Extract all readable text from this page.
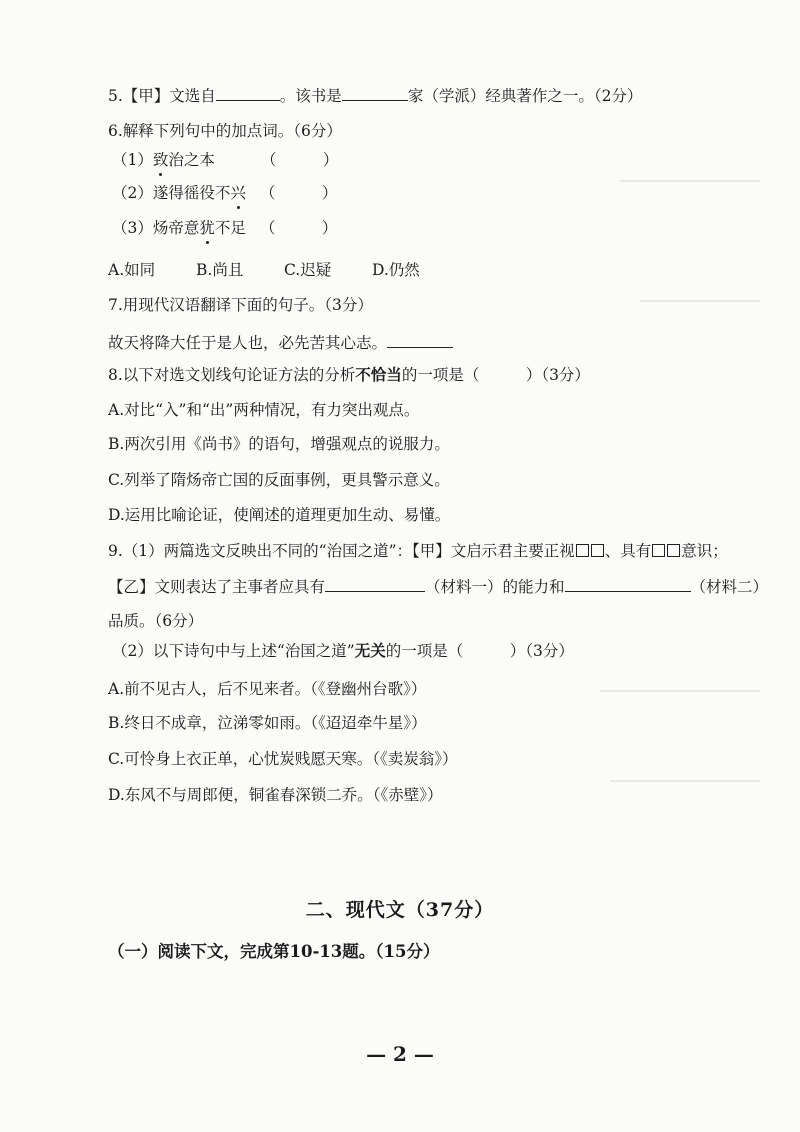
5.【甲】文选自	。该书是	家（学派）经典著作之一。（2分）
6.解释下列句中的加点词。（6分）
（1）致治之本	（　　　）
（2）遂得徭役不兴 （　　　）
（3）炀帝意犹不足 （　　　）
A.如同	B.尚且	C.迟疑	D.仍然
7.用现代汉语翻译下面的句子。（3分）
故天将降大任于是人也，必先苦其心志。
8.以下对选文划线句论证方法的分析不恰当的一项是（　　　）（3分）
A.对比“入”和“出”两种情况，有力突出观点。
B.两次引用《尚书》的语句，增强观点的说服力。
C.列举了隋炀帝亡国的反面事例，更具警示意义。
D.运用比喻论证，使阐述的道理更加生动、易懂。
9.（1）两篇选文反映出不同的“治国之道”：【甲】文启示君主要正视 、具有 意识；
【乙】文则表达了主事者应具有	（材料一）的能力和	（材料二）
品质。（6分）
（2）以下诗句中与上述“治国之道”无关的一项是（　　　）（3分）
A.前不见古人，后不见来者。（《登幽州台歌》）
B.终日不成章，泣涕零如雨。（《迢迢牵牛星》）
C.可怜身上衣正单，心忧炭贱愿天寒。（《卖炭翁》）
D.东风不与周郎便，铜雀春深锁二乔。（《赤壁》）
二、现代文（37分）
（一）阅读下文，完成第10-13题。（15分）
— 2 —
